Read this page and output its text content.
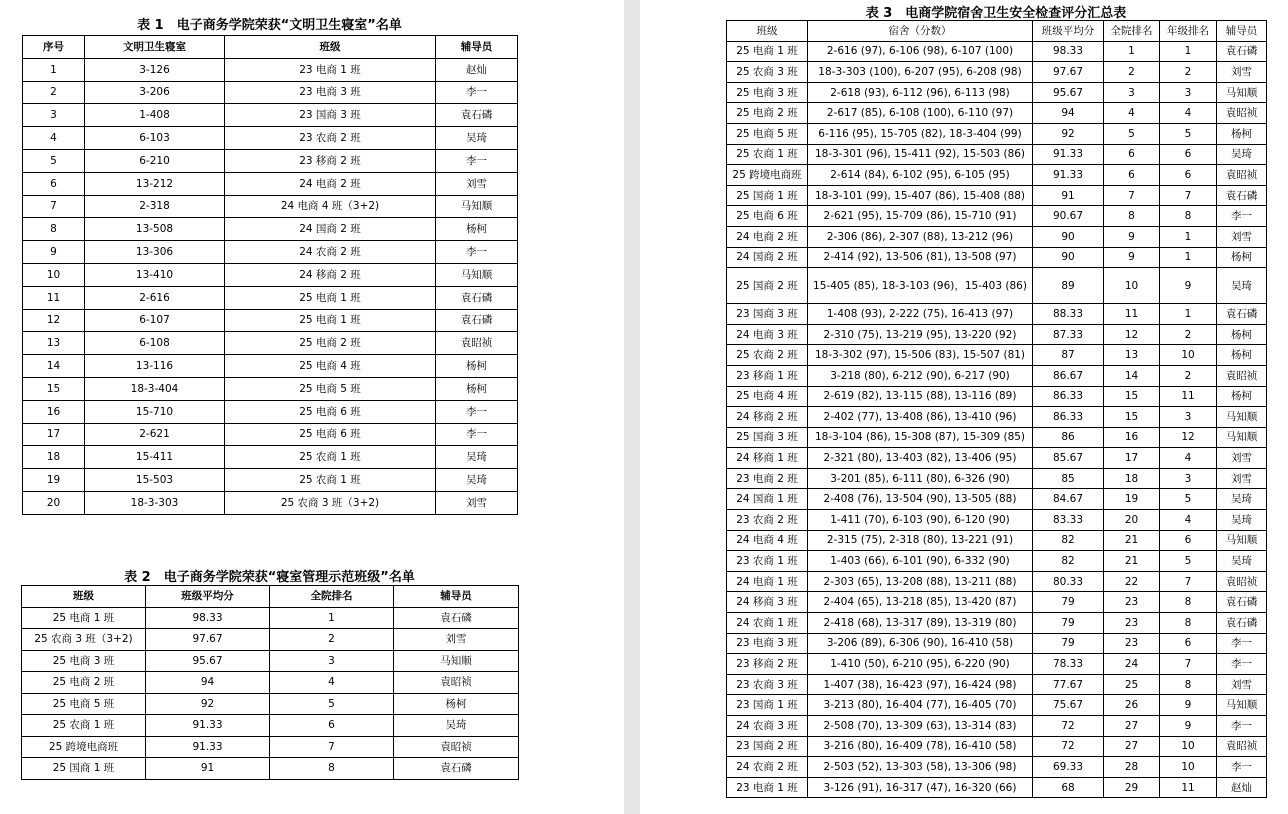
表 1　电子商务学院荣获“文明卫生寝室”名单
序号	文明卫生寝室	班级	辅导员
1	3-126	23 电商 1 班	赵灿
2	3-206	23 电商 3 班	李一
3	1-408	23 国商 3 班	袁石磷
4	6-103	23 农商 2 班	吴琦
5	6-210	23 移商 2 班	李一
6	13-212	24 电商 2 班	刘雪
7	2-318	24 电商 4 班（3+2)	马知顺
8	13-508	24 国商 2 班	杨柯
9	13-306	24 农商 2 班	李一
10	13-410	24 移商 2 班	马知顺
11	2-616	25 电商 1 班	袁石磷
12	6-107	25 电商 1 班	袁石磷
13	6-108	25 电商 2 班	袁昭祯
14	13-116	25 电商 4 班	杨柯
15	18-3-404	25 电商 5 班	杨柯
16	15-710	25 电商 6 班	李一
17	2-621	25 电商 6 班	李一
18	15-411	25 农商 1 班	吴琦
19	15-503	25 农商 1 班	吴琦
20	18-3-303	25 农商 3 班（3+2)	刘雪
表 2　电子商务学院荣获“寝室管理示范班级”名单
班级	班级平均分	全院排名	辅导员
25 电商 1 班	98.33	1	袁石磷
25 农商 3 班（3+2)	97.67	2	刘雪
25 电商 3 班	95.67	3	马知顺
25 电商 2 班	94	4	袁昭祯
25 电商 5 班	92	5	杨柯
25 农商 1 班	91.33	6	吴琦
25 跨境电商班	91.33	7	袁昭祯
25 国商 1 班	91	8	袁石磷
表 3　电商学院宿舍卫生安全检查评分汇总表
班级	宿舍（分数）	班级平均分	全院排名	年级排名	辅导员
25 电商 1 班	2-616 (97), 6-106 (98), 6-107 (100)	98.33	1	1	袁石磷
25 农商 3 班	18-3-303 (100), 6-207 (95), 6-208 (98)	97.67	2	2	刘雪
25 电商 3 班	2-618 (93), 6-112 (96), 6-113 (98)	95.67	3	3	马知顺
25 电商 2 班	2-617 (85), 6-108 (100), 6-110 (97)	94	4	4	袁昭祯
25 电商 5 班	6-116 (95), 15-705 (82), 18-3-404 (99)	92	5	5	杨柯
25 农商 1 班	18-3-301 (96), 15-411 (92), 15-503 (86)	91.33	6	6	吴琦
25 跨境电商班	2-614 (84), 6-102 (95), 6-105 (95)	91.33	6	6	袁昭祯
25 国商 1 班	18-3-101 (99), 15-407 (86), 15-408 (88)	91	7	7	袁石磷
25 电商 6 班	2-621 (95), 15-709 (86), 15-710 (91)	90.67	8	8	李一
24 电商 2 班	2-306 (86), 2-307 (88), 13-212 (96)	90	9	1	刘雪
24 国商 2 班	2-414 (92), 13-506 (81), 13-508 (97)	90	9	1	杨柯
25 国商 2 班	15-405 (85), 18-3-103 (96)，15-403 (86)	89	10	9	吴琦
23 国商 3 班	1-408 (93), 2-222 (75), 16-413 (97)	88.33	11	1	袁石磷
24 电商 3 班	2-310 (75), 13-219 (95), 13-220 (92)	87.33	12	2	杨柯
25 农商 2 班	18-3-302 (97), 15-506 (83), 15-507 (81)	87	13	10	杨柯
23 移商 1 班	3-218 (80), 6-212 (90), 6-217 (90)	86.67	14	2	袁昭祯
25 电商 4 班	2-619 (82), 13-115 (88), 13-116 (89)	86.33	15	11	杨柯
24 移商 2 班	2-402 (77), 13-408 (86), 13-410 (96)	86.33	15	3	马知顺
25 国商 3 班	18-3-104 (86), 15-308 (87), 15-309 (85)	86	16	12	马知顺
24 移商 1 班	2-321 (80), 13-403 (82), 13-406 (95)	85.67	17	4	刘雪
23 电商 2 班	3-201 (85), 6-111 (80), 6-326 (90)	85	18	3	刘雪
24 国商 1 班	2-408 (76), 13-504 (90), 13-505 (88)	84.67	19	5	吴琦
23 农商 2 班	1-411 (70), 6-103 (90), 6-120 (90)	83.33	20	4	吴琦
24 电商 4 班	2-315 (75), 2-318 (80), 13-221 (91)	82	21	6	马知顺
23 农商 1 班	1-403 (66), 6-101 (90), 6-332 (90)	82	21	5	吴琦
24 电商 1 班	2-303 (65), 13-208 (88), 13-211 (88)	80.33	22	7	袁昭祯
24 移商 3 班	2-404 (65), 13-218 (85), 13-420 (87)	79	23	8	袁石磷
24 农商 1 班	2-418 (68), 13-317 (89), 13-319 (80)	79	23	8	袁石磷
23 电商 3 班	3-206 (89), 6-306 (90), 16-410 (58)	79	23	6	李一
23 移商 2 班	1-410 (50), 6-210 (95), 6-220 (90)	78.33	24	7	李一
23 农商 3 班	1-407 (38), 16-423 (97), 16-424 (98)	77.67	25	8	刘雪
23 国商 1 班	3-213 (80), 16-404 (77), 16-405 (70)	75.67	26	9	马知顺
24 农商 3 班	2-508 (70), 13-309 (63), 13-314 (83)	72	27	9	李一
23 国商 2 班	3-216 (80), 16-409 (78), 16-410 (58)	72	27	10	袁昭祯
24 农商 2 班	2-503 (52), 13-303 (58), 13-306 (98)	69.33	28	10	李一
23 电商 1 班	3-126 (91), 16-317 (47), 16-320 (66)	68	29	11	赵灿
